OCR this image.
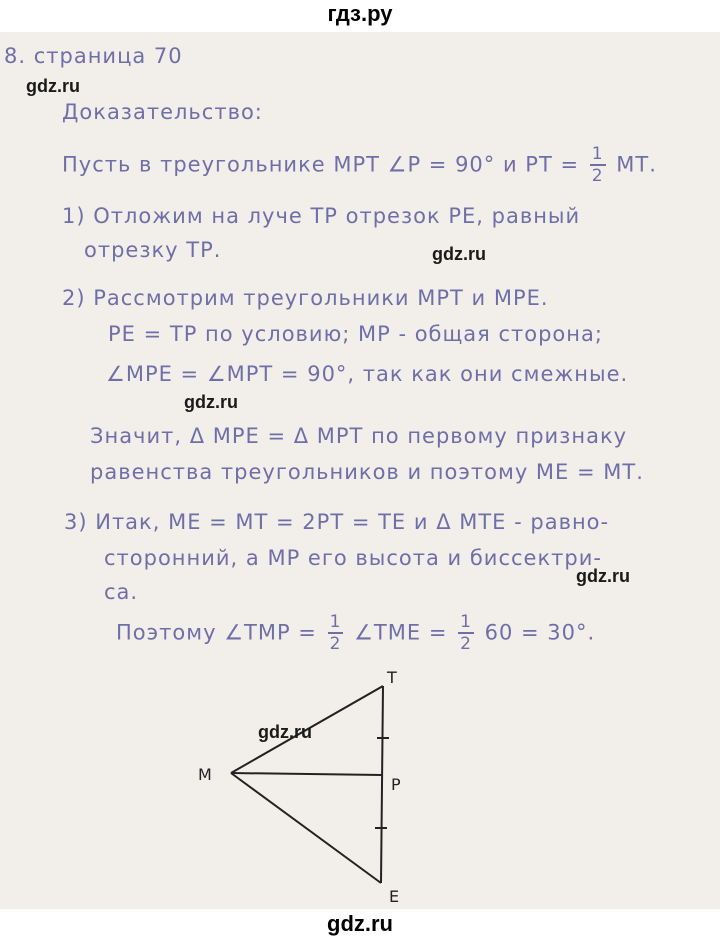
гдз.ру
8. страница 70
gdz.ru
Доказательство:
Пусть в треугольнике МРТ ∠Р = 90° и РТ = $\frac{1}{2}$ МТ.
1) Отложим на луче ТР отрезок РЕ, равный
отрезку ТР.	gdz.ru
2) Рассмотрим треугольники МРТ и МРЕ.
РЕ = ТР по условию; МР - общая сторона;
∠МРЕ = ∠МРТ = 90°, так как они смежные.
gdz.ru
Значит, Δ МРЕ = Δ МРТ по первому признаку
равенства треугольников и поэтому МЕ = МТ.
3) Итак, МЕ = МТ = 2РТ = ТЕ и Δ МТЕ - равно-
сторонний, а МР его высота и биссектри-
са.
gdz.ru
Поэтому ∠ТМР = $\frac{1}{2}$ ∠ТМЕ = $\frac{1}{2} 60 = 30^\circ$.
Т
М
Р
Е
gdz.ru
gdz.ru
